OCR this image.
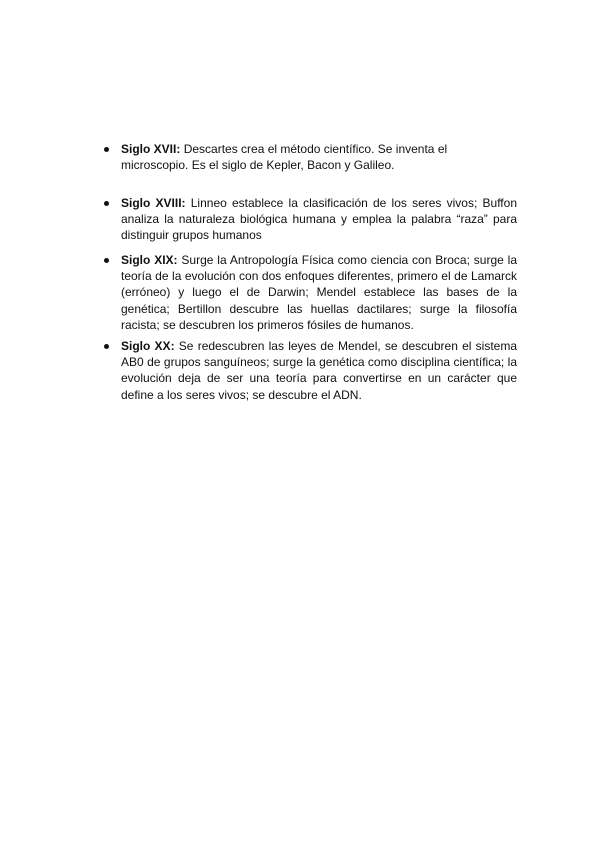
Siglo XVII: Descartes crea el método científico. Se inventa el microscopio. Es el siglo de Kepler, Bacon y Galileo.
Siglo XVIII: Linneo establece la clasificación de los seres vivos; Buffon analiza la naturaleza biológica humana y emplea la palabra “raza” para distinguir grupos humanos
Siglo XIX: Surge la Antropología Física como ciencia con Broca; surge la teoría de la evolución con dos enfoques diferentes, primero el de Lamarck (erróneo) y luego el de Darwin; Mendel establece las bases de la genética; Bertillon descubre las huellas dactilares; surge la filosofía racista; se descubren los primeros fósiles de humanos.
Siglo XX: Se redescubren las leyes de Mendel, se descubren el sistema AB0 de grupos sanguíneos; surge la genética como disciplina científica; la evolución deja de ser una teoría para convertirse en un carácter que define a los seres vivos; se descubre el ADN.
